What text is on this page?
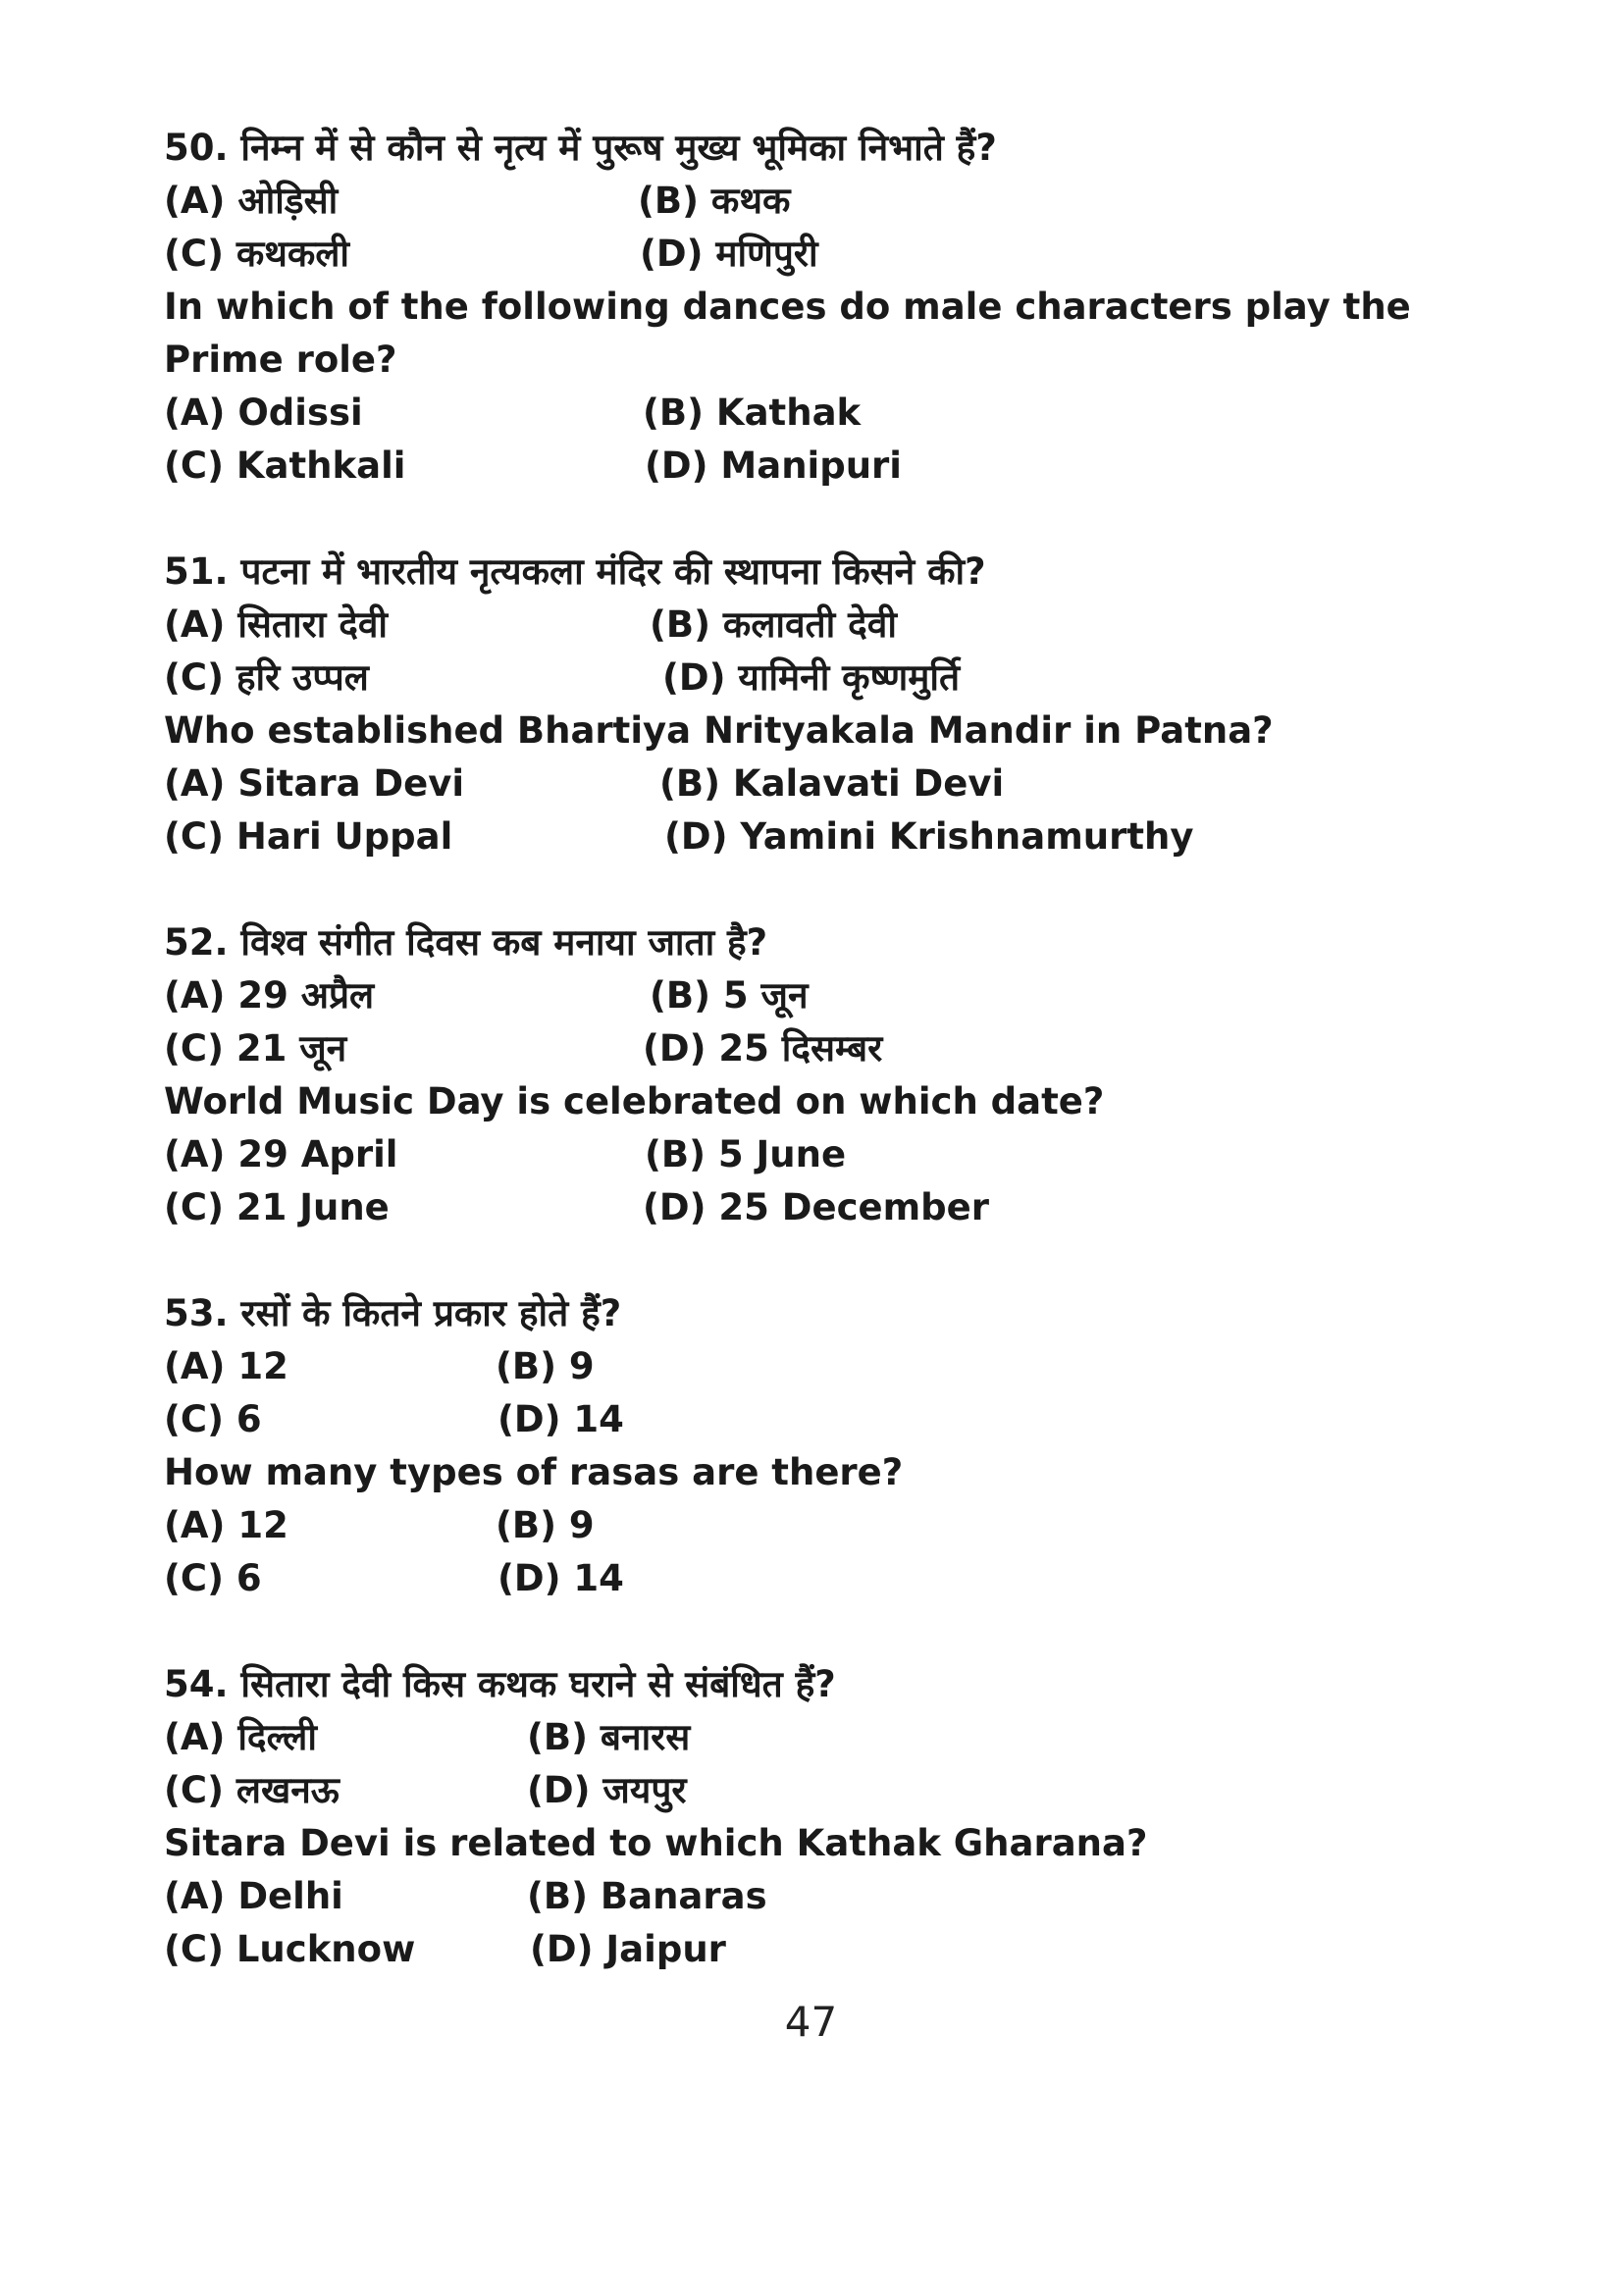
50. निम्न में से कौन से नृत्य में पुरूष मुख्य भूमिका निभाते हैं?
(A) ओड़िसी	(B) कथक
(C) कथकली	(D) मणिपुरी
In which of the following dances do male characters play the
Prime role?
(A) Odissi	(B) Kathak
(C) Kathkali	(D) Manipuri
51. पटना में भारतीय नृत्यकला मंदिर की स्थापना किसने की?
(A) सितारा देवी	(B) कलावती देवी
(C) हरि उप्पल	(D) यामिनी कृष्णमुर्ति
Who established Bhartiya Nrityakala Mandir in Patna?
(A) Sitara Devi	(B) Kalavati Devi
(C) Hari Uppal	(D) Yamini Krishnamurthy
52. विश्व संगीत दिवस कब मनाया जाता है?
(A) 29 अप्रैल	(B) 5 जून
(C) 21 जून	(D) 25 दिसम्बर
World Music Day is celebrated on which date?
(A) 29 April	(B) 5 June
(C) 21 June	(D) 25 December
53. रसों के कितने प्रकार होते हैं?
(A) 12	(B) 9
(C) 6	(D) 14
How many types of rasas are there?
(A) 12	(B) 9
(C) 6	(D) 14
54. सितारा देवी किस कथक घराने से संबंधित हैं?
(A) दिल्ली	(B) बनारस
(C) लखनऊ	(D) जयपुर
Sitara Devi is related to which Kathak Gharana?
(A) Delhi	(B) Banaras
(C) Lucknow	(D) Jaipur
47
